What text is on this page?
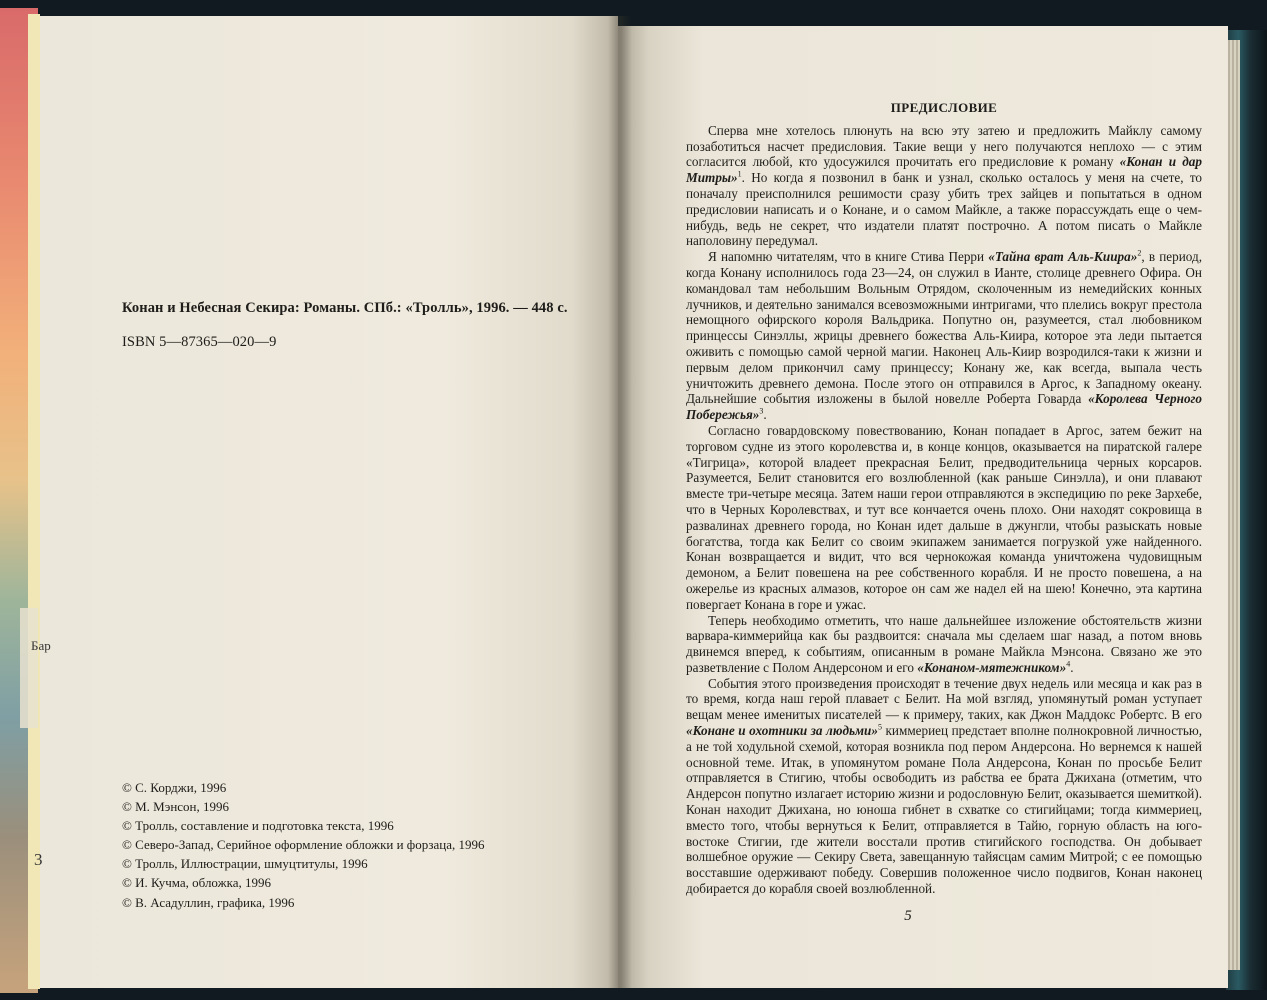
Бар
3
Конан и Небесная Секира: Романы. СПб.: «Тролль», 1996. — 448 с.
ISBN 5—87365—020—9
© С. Корджи, 1996
© М. Мэнсон, 1996
© Тролль, составление и подготовка текста, 1996
© Северо-Запад, Серийное оформление обложки и форзаца, 1996
© Тролль, Иллюстрации, шмуцтитулы, 1996
© И. Кучма, обложка, 1996
© В. Асадуллин, графика, 1996
ПРЕДИСЛОВИЕ

Сперва мне хотелось плюнуть на всю эту затею и предложить Майклу самому позаботиться насчет предисловия. Такие вещи у него получаются неплохо — с этим согласится любой, кто удосужился прочитать его предисловие к роману «Конан и дар Митры»$^1$. Но когда я позвонил в банк и узнал, сколько осталось у меня на счете, то поначалу преисполнился решимости сразу убить трех зайцев и попытаться в одном предисловии написать и о Конане, и о самом Майкле, а также порассуждать еще о чем-нибудь, ведь не секрет, что издатели платят построчно. А потом писать о Майкле наполовину передумал.

Я напомню читателям, что в книге Стива Перри «Тайна врат Аль-Киира»$^2$, в период, когда Конану исполнилось года 23—24, он служил в Ианте, столице древнего Офира. Он командовал там небольшим Вольным Отрядом, сколоченным из немедийских конных лучников, и деятельно занимался всевозможными интригами, что плелись вокруг престола немощного офирского короля Вальдрика. Попутно он, разумеется, стал любовником принцессы Синэллы, жрицы древнего божества Аль-Киира, которое эта леди пытается оживить с помощью самой черной магии. Наконец Аль-Киир возродился-таки к жизни и первым делом прикончил саму принцессу; Конану же, как всегда, выпала честь уничтожить древнего демона. После этого он отправился в Аргос, к Западному океану. Дальнейшие события изложены в былой новелле Роберта Говарда «Королева Черного Побережья»$^3$.

Согласно говардовскому повествованию, Конан попадает в Аргос, затем бежит на торговом судне из этого королевства и, в конце концов, оказывается на пиратской галере «Тигрица», которой владеет прекрасная Белит, предводительница черных корсаров. Разумеется, Белит становится его возлюбленной (как раньше Синэлла), и они плавают вместе три-четыре месяца. Затем наши герои отправляются в экспедицию по реке Зархебе, что в Черных Королевствах, и тут все кончается очень плохо. Они находят сокровища в развалинах древнего города, но Конан идет дальше в джунгли, чтобы разыскать новые богатства, тогда как Белит со своим экипажем занимается погрузкой уже найденного. Конан возвращается и видит, что вся чернокожая команда уничтожена чудовищным демоном, а Белит повешена на рее собственного корабля. И не просто повешена, а на ожерелье из красных алмазов, которое он сам же надел ей на шею! Конечно, эта картина повергает Конана в горе и ужас.

Теперь необходимо отметить, что наше дальнейшее изложение обстоятельств жизни варвара-киммерийца как бы раздвоится: сначала мы сделаем шаг назад, а потом вновь двинемся вперед, к событиям, описанным в романе Майкла Мэнсона. Связано же это разветвление с Полом Андерсоном и его «Конаном-мятежником»$^4$.

События этого произведения происходят в течение двух недель или месяца и как раз в то время, когда наш герой плавает с Белит. На мой взгляд, упомянутый роман уступает вещам менее именитых писателей — к примеру, таких, как Джон Маддокс Робертс. В его «Конане и охотники за людьми»$^5$ киммериец предстает вполне полнокровной личностью, а не той ходульной схемой, которая возникла под пером Андерсона. Но вернемся к нашей основной теме. Итак, в упомянутом романе Пола Андерсона, Конан по просьбе Белит отправляется в Стигию, чтобы освободить из рабства ее брата Джихана (отметим, что Андерсон попутно излагает историю жизни и родословную Белит, оказывается шемиткой). Конан находит Джихана, но юноша гибнет в схватке со стигийцами; тогда киммериец, вместо того, чтобы вернуться к Белит, отправляется в Тайю, горную область на юго-востоке Стигии, где жители восстали против стигийского господства. Он добывает волшебное оружие — Секиру Света, завещанную тайясцам самим Митрой; с ее помощью восставшие одерживают победу. Совершив положенное число подвигов, Конан наконец добирается до корабля своей возлюбленной.

5
